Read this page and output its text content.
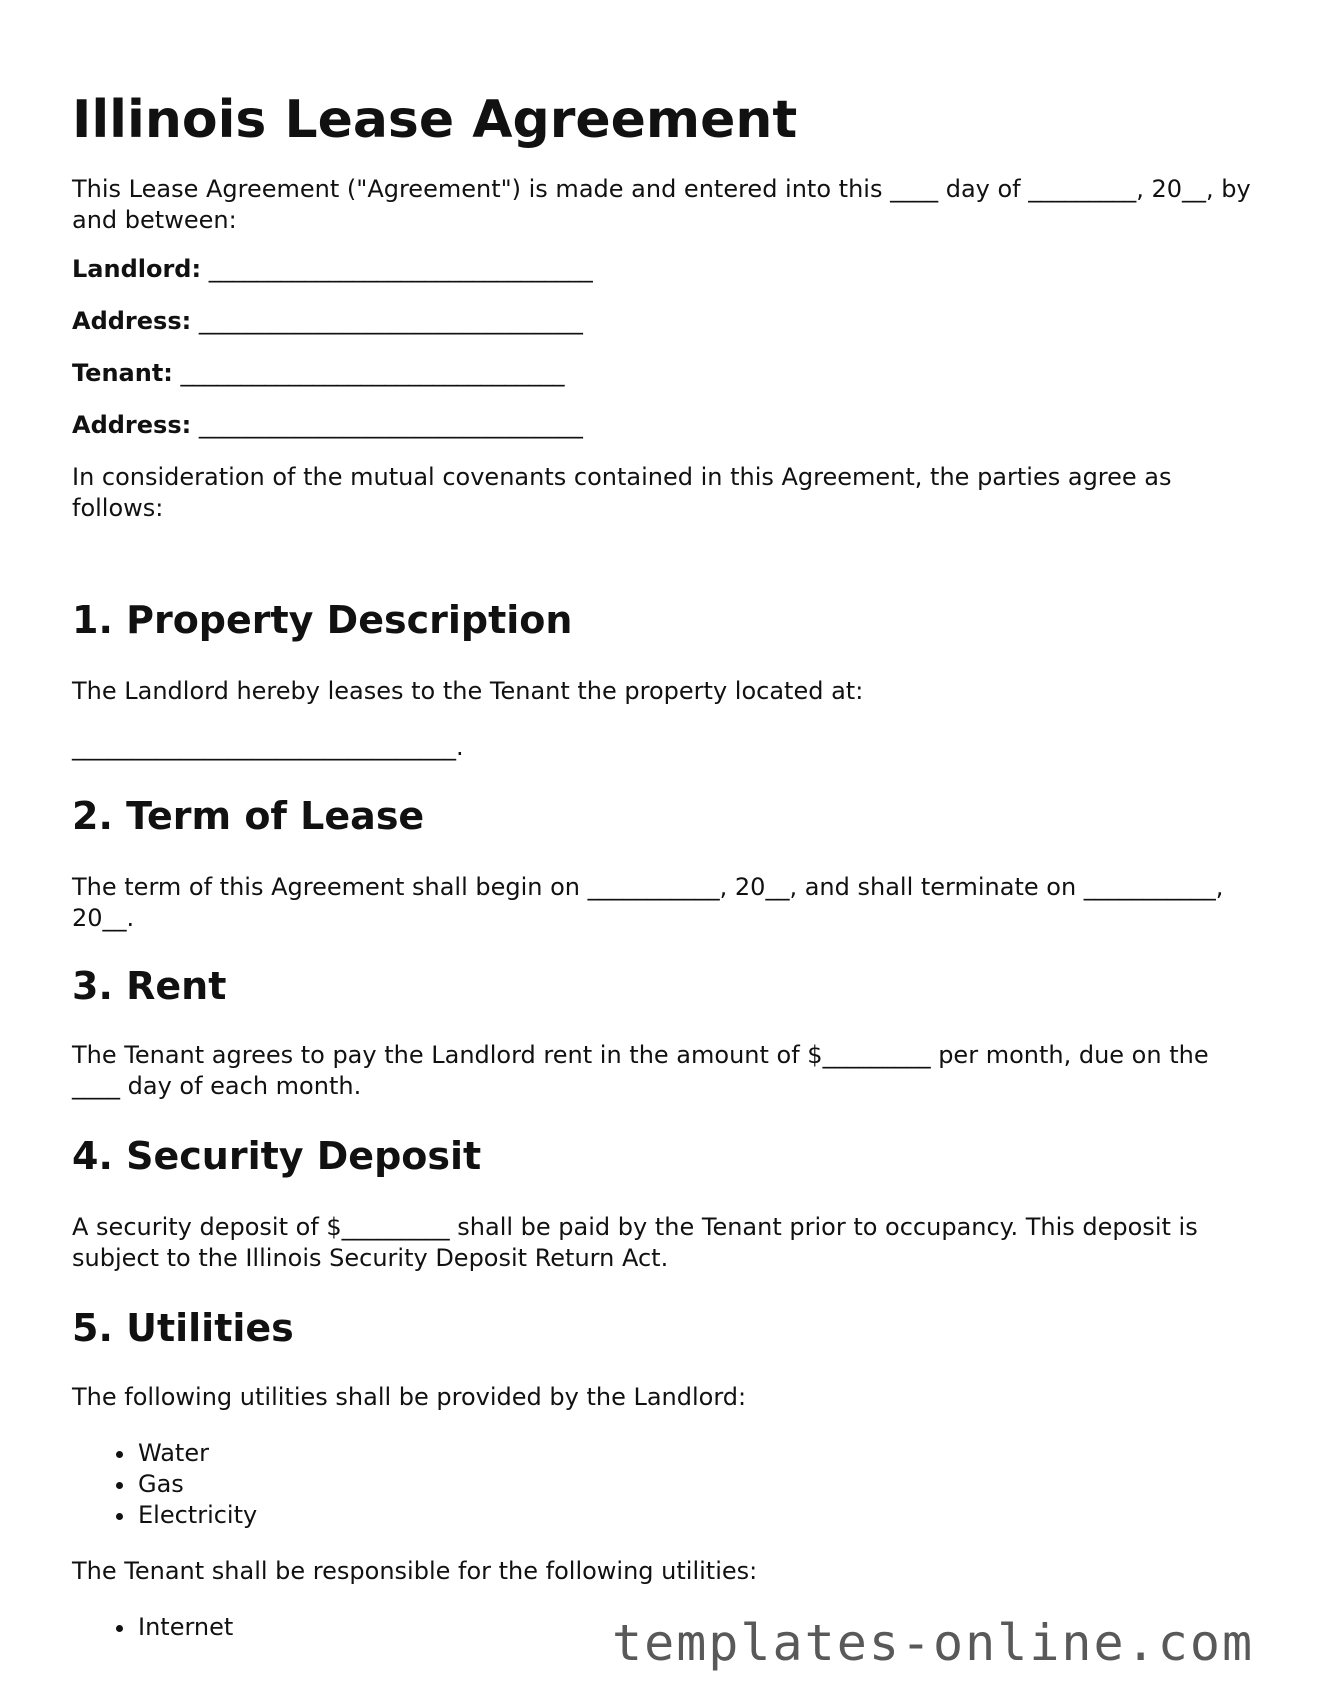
Illinois Lease Agreement

This Lease Agreement ("Agreement") is made and entered into this ____ day of _________, 20__, by and between:

Landlord: ________________________________

Address: ________________________________

Tenant: ________________________________

Address: ________________________________

In consideration of the mutual covenants contained in this Agreement, the parties agree as follows:

1. Property Description

The Landlord hereby leases to the Tenant the property located at:

________________________________.

2. Term of Lease

The term of this Agreement shall begin on ___________, 20__, and shall terminate on ___________, 20__.

3. Rent

The Tenant agrees to pay the Landlord rent in the amount of $_________ per month, due on the ____ day of each month.

4. Security Deposit

A security deposit of $_________ shall be paid by the Tenant prior to occupancy. This deposit is subject to the Illinois Security Deposit Return Act.

5. Utilities

The following utilities shall be provided by the Landlord:

Water
Gas
Electricity

The Tenant shall be responsible for the following utilities:

Internet	templates-online.com
